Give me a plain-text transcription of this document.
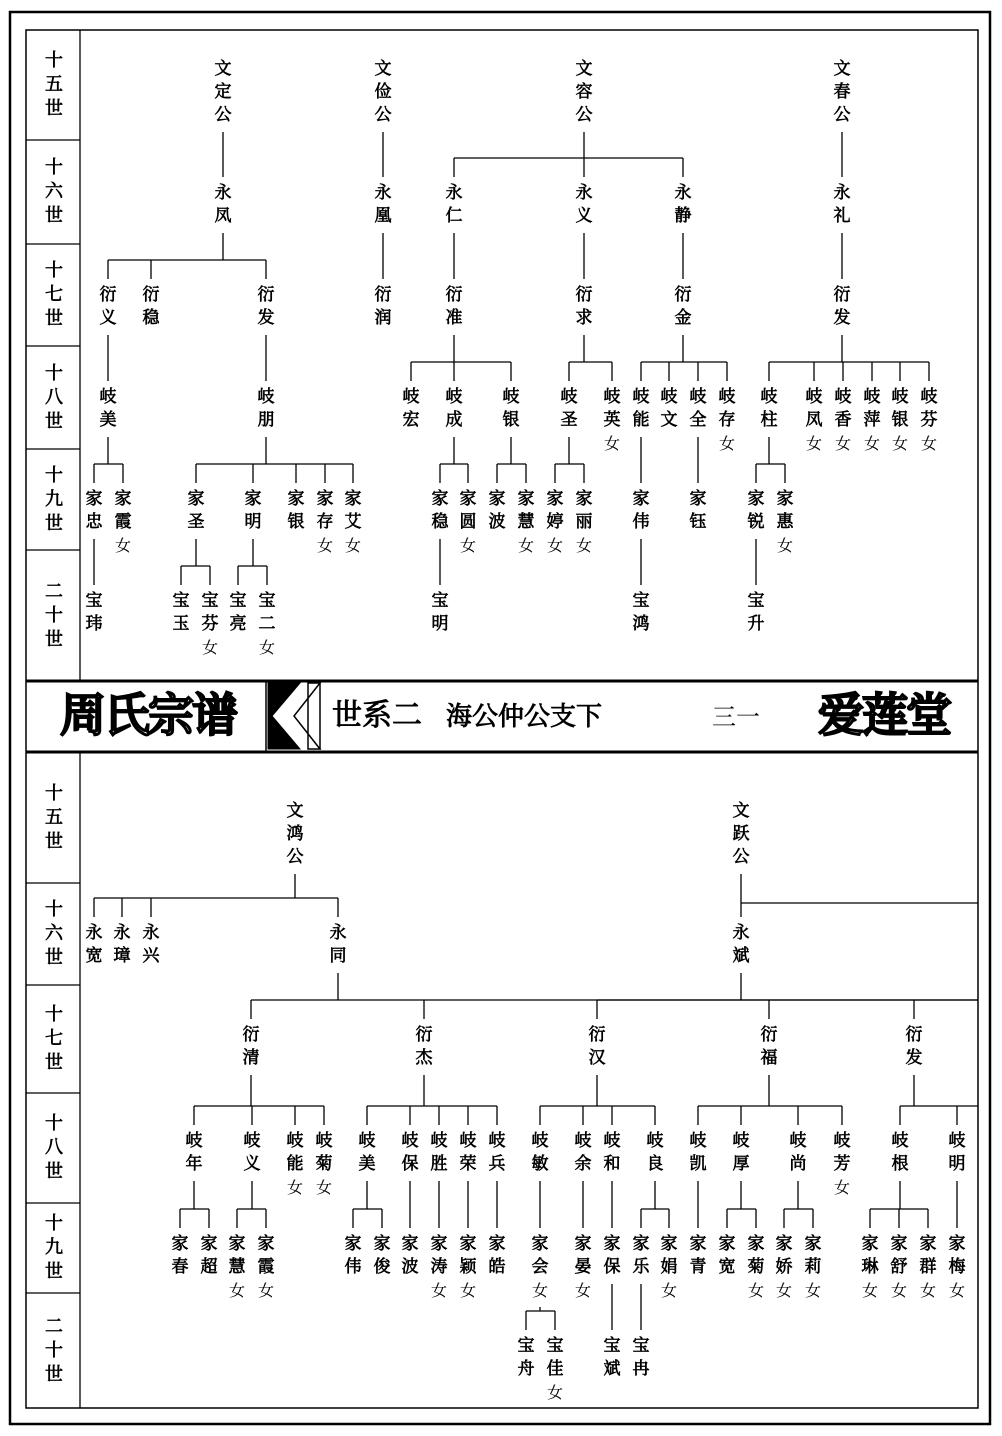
周氏宗谱	世系二 海公仲公支下	三一 爱莲堂
文
定
公
文
俭
公
文
容
公
文
春
公
永
凤
永
凰
永
仁
永
义
永
静
永
礼
衍
义
衍
稳
衍
发
衍
润
衍
准
衍
求
衍
金
衍
发
岐
美
岐
朋
岐
宏
岐
成
岐
银
岐
圣
岐
英
女
岐
能
岐
文
岐
全
岐
存
女
岐
柱
岐
凤
女
岐
香
女
岐
萍
女
岐
银
女
岐
芬
女
家
忠
家
霞
女
家
圣
家
明
家
银
家
存
女
家
艾
女
家
稳
家
圆
女
家
波
家
慧
女
家
婷
女
家
丽
女
家
伟
家
钰
家
锐
家
惠
女
宝
玮
宝
玉
宝
芬
女
宝
亮
宝
二
女
宝
明
宝
鸿
宝
升
文
鸿
公
文
跃
公
永
宽
永
璋
永
兴
永
同
永
斌
衍
清
衍
杰
衍
汉
衍
福
衍
发
岐
年
岐
义
岐
能
女
岐
菊
女
岐
美
岐
保
岐
胜
岐
荣
岐
兵
岐
敏
岐
余
岐
和
岐
良
岐
凯
岐
厚
岐
尚
岐
芳
女
岐
根
岐
明
家
春
家
超
家
慧
女
家
霞
女
家
伟
家
俊
家
波
家
涛
女
家
颖
女
家
皓
家
会
女
家
晏
女
家
保
家
乐
家
娟
女
家
青
家
宽
家
菊
女
家
娇
女
家
莉
女
家
琳
女
家
舒
女
家
群
女
家
梅
女
宝
舟
宝
佳
女
宝
斌
宝
冉
十
五
世
十
六
世
十
七
世
十
八
世
十
九
世
二
十
世
十
五
世
十
六
世
十
七
世
十
八
世
十
九
世
二
十
世
